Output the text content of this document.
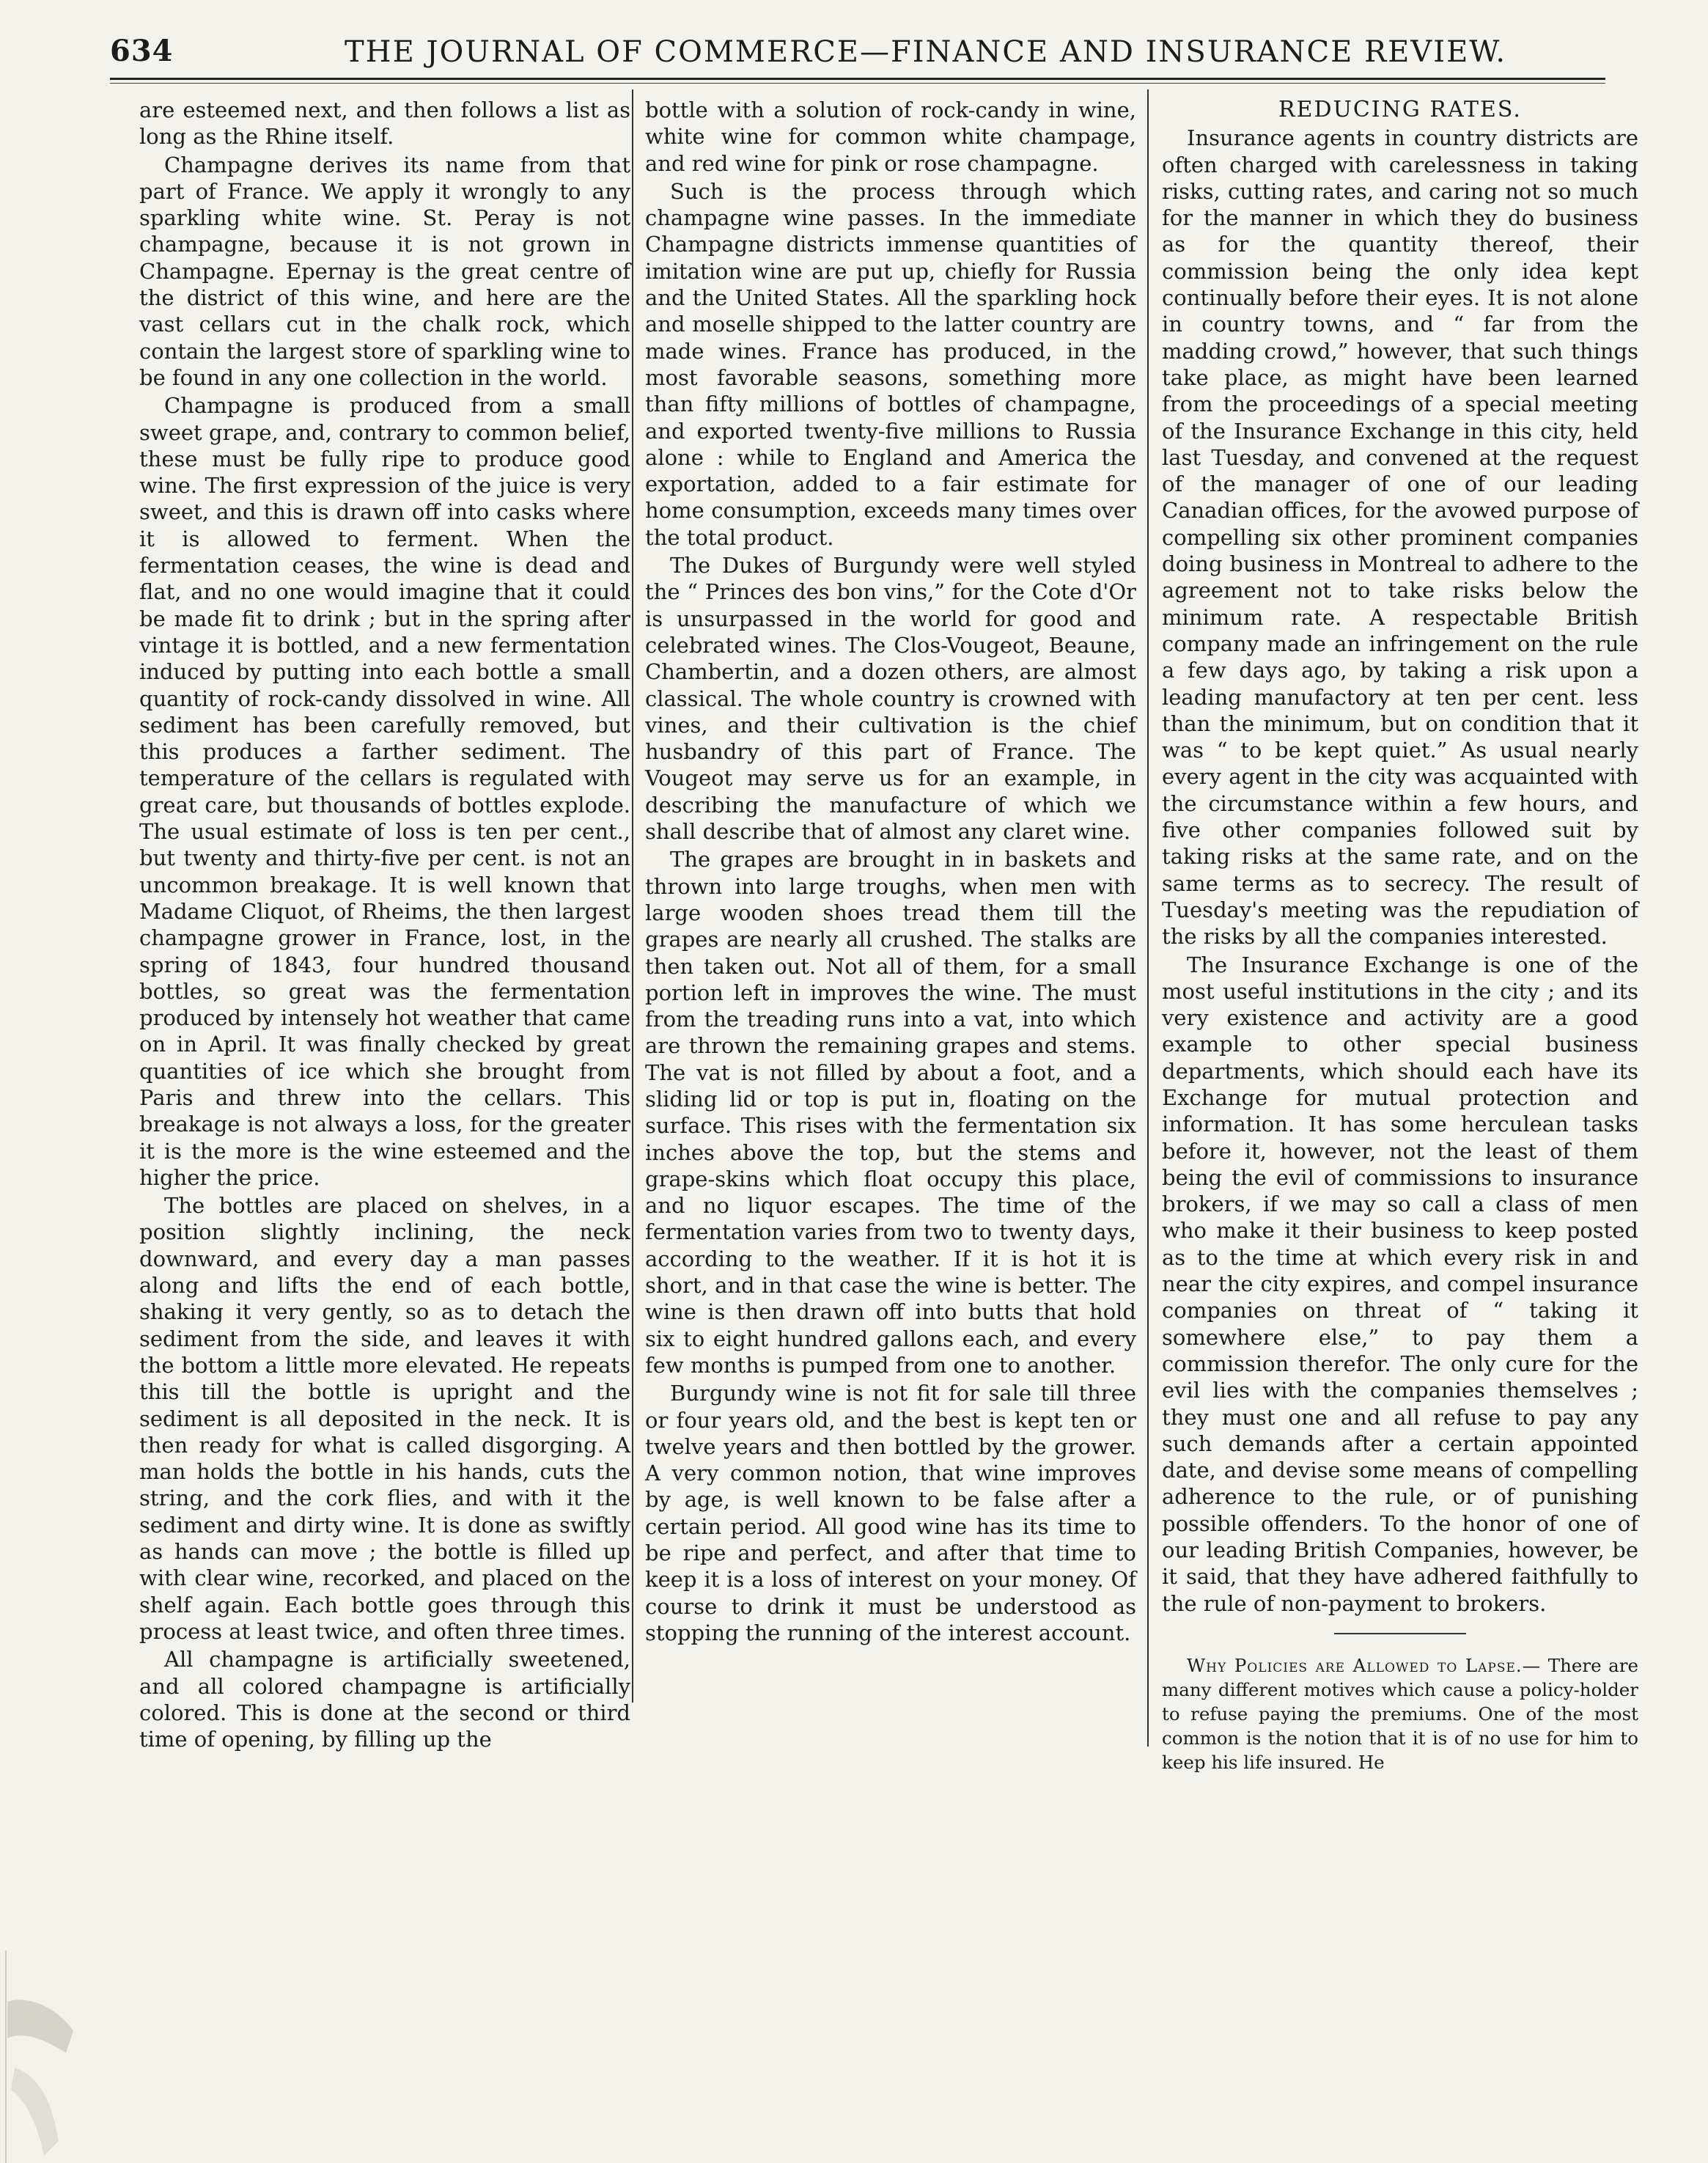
634	THE JOURNAL OF COMMERCE—FINANCE AND INSURANCE REVIEW.

are esteemed next, and then follows a list as long as the Rhine itself.

Champagne derives its name from that part of France. We apply it wrongly to any sparkling white wine. St. Peray is not champagne, because it is not grown in Champagne. Epernay is the great centre of the district of this wine, and here are the vast cellars cut in the chalk rock, which contain the largest store of sparkling wine to be found in any one collection in the world.

Champagne is produced from a small sweet grape, and, contrary to common belief, these must be fully ripe to produce good wine. The first expression of the juice is very sweet, and this is drawn off into casks where it is allowed to ferment. When the fermentation ceases, the wine is dead and flat, and no one would imagine that it could be made fit to drink ; but in the spring after vintage it is bottled, and a new fermentation induced by putting into each bottle a small quantity of rock-candy dissolved in wine. All sediment has been carefully removed, but this produces a farther sediment. The temperature of the cellars is regulated with great care, but thousands of bottles explode. The usual estimate of loss is ten per cent., but twenty and thirty-five per cent. is not an uncommon breakage. It is well known that Madame Cliquot, of Rheims, the then largest champagne grower in France, lost, in the spring of 1843, four hundred thousand bottles, so great was the fermentation produced by intensely hot weather that came on in April. It was finally checked by great quantities of ice which she brought from Paris and threw into the cellars. This breakage is not always a loss, for the greater it is the more is the wine esteemed and the higher the price.

The bottles are placed on shelves, in a position slightly inclining, the neck downward, and every day a man passes along and lifts the end of each bottle, shaking it very gently, so as to detach the sediment from the side, and leaves it with the bottom a little more elevated. He repeats this till the bottle is upright and the sediment is all deposited in the neck. It is then ready for what is called disgorging. A man holds the bottle in his hands, cuts the string, and the cork flies, and with it the sediment and dirty wine. It is done as swiftly as hands can move ; the bottle is filled up with clear wine, recorked, and placed on the shelf again. Each bottle goes through this process at least twice, and often three times.

All champagne is artificially sweetened, and all colored champagne is artificially colored. This is done at the second or third time of opening, by filling up the

bottle with a solution of rock-candy in wine, white wine for common white champage, and red wine for pink or rose champagne.

Such is the process through which champagne wine passes. In the immediate Champagne districts immense quantities of imitation wine are put up, chiefly for Russia and the United States. All the sparkling hock and moselle shipped to the latter country are made wines. France has produced, in the most favorable seasons, something more than fifty millions of bottles of champagne, and exported twenty-five millions to Russia alone : while to England and America the exportation, added to a fair estimate for home consumption, exceeds many times over the total product.

The Dukes of Burgundy were well styled the “ Princes des bon vins,” for the Cote d'Or is unsurpassed in the world for good and celebrated wines. The Clos-Vougeot, Beaune, Chambertin, and a dozen others, are almost classical. The whole country is crowned with vines, and their cultivation is the chief husbandry of this part of France. The Vougeot may serve us for an example, in describing the manufacture of which we shall describe that of almost any claret wine.

The grapes are brought in in baskets and thrown into large troughs, when men with large wooden shoes tread them till the grapes are nearly all crushed. The stalks are then taken out. Not all of them, for a small portion left in improves the wine. The must from the treading runs into a vat, into which are thrown the remaining grapes and stems. The vat is not filled by about a foot, and a sliding lid or top is put in, floating on the surface. This rises with the fermentation six inches above the top, but the stems and grape-skins which float occupy this place, and no liquor escapes. The time of the fermentation varies from two to twenty days, according to the weather. If it is hot it is short, and in that case the wine is better. The wine is then drawn off into butts that hold six to eight hundred gallons each, and every few months is pumped from one to another.

Burgundy wine is not fit for sale till three or four years old, and the best is kept ten or twelve years and then bottled by the grower. A very common notion, that wine improves by age, is well known to be false after a certain period. All good wine has its time to be ripe and perfect, and after that time to keep it is a loss of interest on your money. Of course to drink it must be understood as stopping the running of the interest account.

REDUCING RATES.

Insurance agents in country districts are often charged with carelessness in taking risks, cutting rates, and caring not so much for the manner in which they do business as for the quantity thereof, their commission being the only idea kept continually before their eyes. It is not alone in country towns, and “ far from the madding crowd,” however, that such things take place, as might have been learned from the proceedings of a special meeting of the Insurance Exchange in this city, held last Tuesday, and convened at the request of the manager of one of our leading Canadian offices, for the avowed purpose of compelling six other prominent companies doing business in Montreal to adhere to the agreement not to take risks below the minimum rate. A respectable British company made an infringement on the rule a few days ago, by taking a risk upon a leading manufactory at ten per cent. less than the minimum, but on condition that it was “ to be kept quiet.” As usual nearly every agent in the city was acquainted with the circumstance within a few hours, and five other companies followed suit by taking risks at the same rate, and on the same terms as to secrecy. The result of Tuesday's meeting was the repudiation of the risks by all the companies interested.

The Insurance Exchange is one of the most useful institutions in the city ; and its very existence and activity are a good example to other special business departments, which should each have its Exchange for mutual protection and information. It has some herculean tasks before it, however, not the least of them being the evil of commissions to insurance brokers, if we may so call a class of men who make it their business to keep posted as to the time at which every risk in and near the city expires, and compel insurance companies on threat of “ taking it somewhere else,” to pay them a commission therefor. The only cure for the evil lies with the companies themselves ; they must one and all refuse to pay any such demands after a certain appointed date, and devise some means of compelling adherence to the rule, or of punishing possible offenders. To the honor of one of our leading British Companies, however, be it said, that they have adhered faithfully to the rule of non-payment to brokers.

Why Policies are Allowed to Lapse.— There are many different motives which cause a policy-holder to refuse paying the premiums. One of the most common is the notion that it is of no use for him to keep his life insured. He
